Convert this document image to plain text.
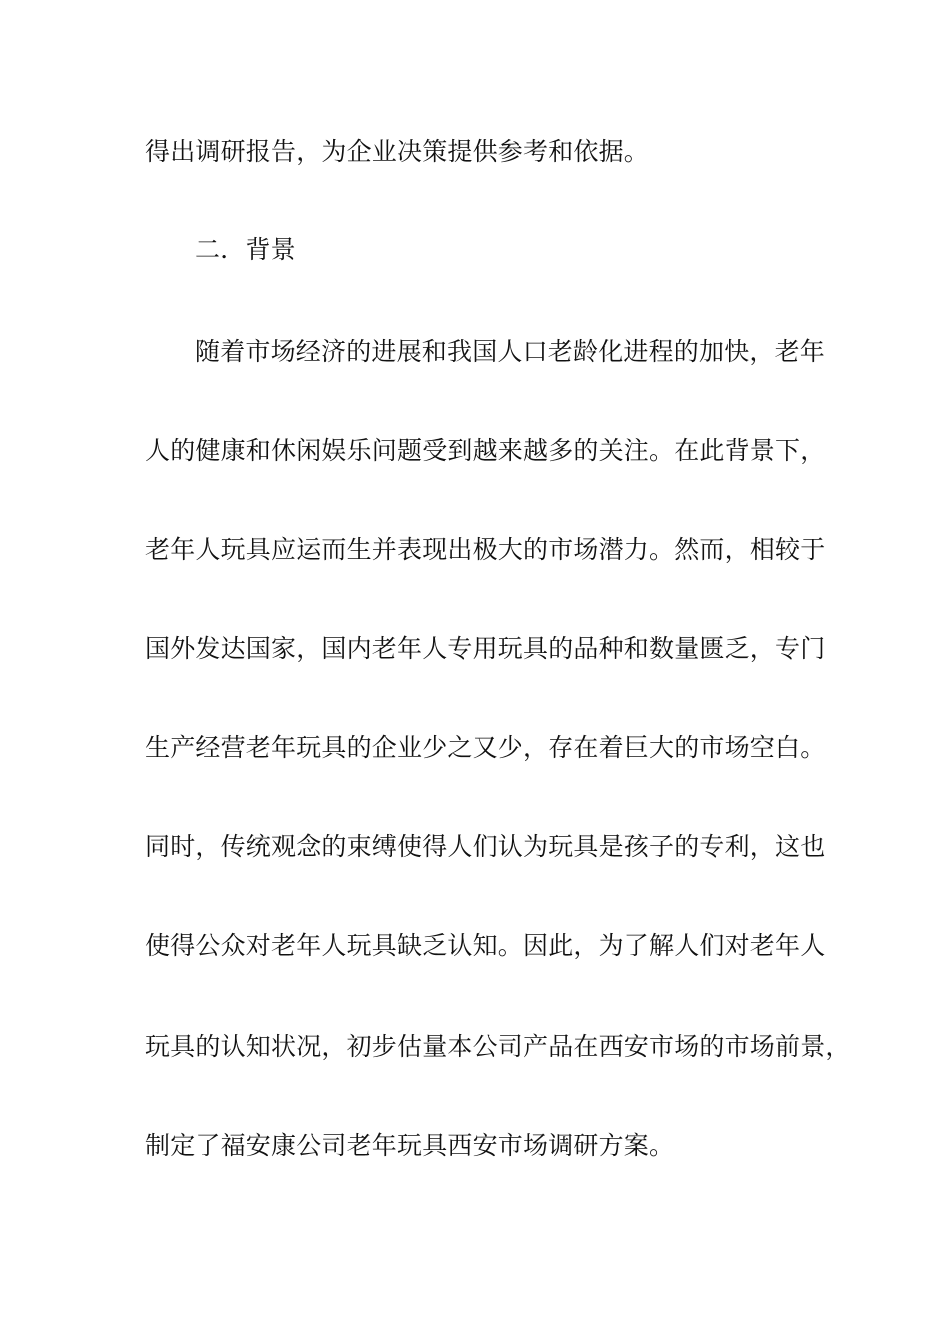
得出调研报告，为企业决策提供参考和依据。
二．背景
随着市场经济的进展和我国人口老龄化进程的加快，老年
人的健康和休闲娱乐问题受到越来越多的关注。在此背景下，
老年人玩具应运而生并表现出极大的市场潜力。然而，相较于
国外发达国家，国内老年人专用玩具的品种和数量匮乏，专门
生产经营老年玩具的企业少之又少，存在着巨大的市场空白。
同时，传统观念的束缚使得人们认为玩具是孩子的专利，这也
使得公众对老年人玩具缺乏认知。因此，为了解人们对老年人
玩具的认知状况，初步估量本公司产品在西安市场的市场前景，
制定了福安康公司老年玩具西安市场调研方案。
